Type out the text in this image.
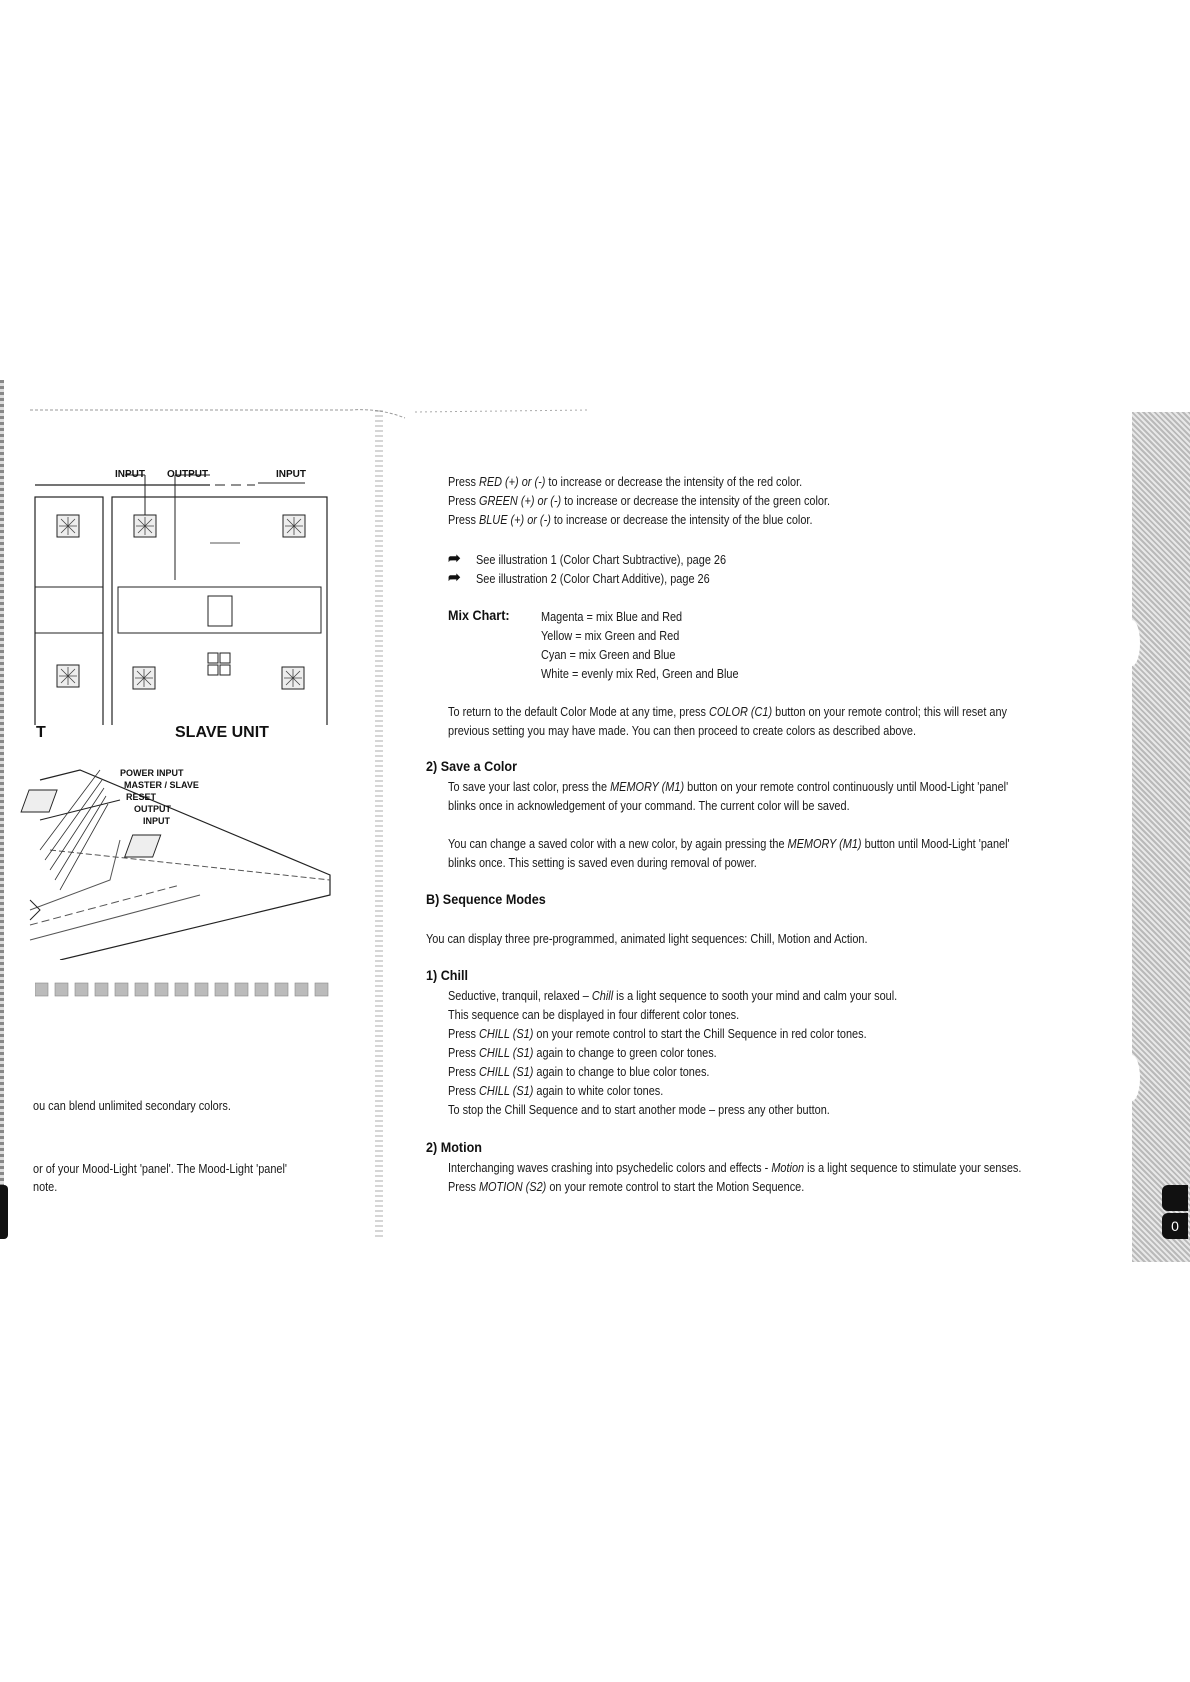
0
INPUT OUTPUT	INPUT
T	SLAVE UNIT
POWER INPUT
MASTER / SLAVE
RESET
OUTPUT
INPUT
ou can blend unlimited secondary colors.
or of your Mood-Light 'panel'. The Mood-Light 'panel'
note.
Press RED (+) or (-) to increase or decrease the intensity of the red color.
Press GREEN (+) or (-) to increase or decrease the intensity of the green color.
Press BLUE (+) or (-) to increase or decrease the intensity of the blue color.
➦ See illustration 1 (Color Chart Subtractive), page 26
➦ See illustration 2 (Color Chart Additive), page 26
Mix Chart: Magenta = mix Blue and Red
Yellow = mix Green and Red
Cyan = mix Green and Blue
White = evenly mix Red, Green and Blue
To return to the default Color Mode at any time, press COLOR (C1) button on your remote control; this will reset any
previous setting you may have made. You can then proceed to create colors as described above.
2) Save a Color
To save your last color, press the MEMORY (M1) button on your remote control continuously until Mood-Light 'panel'
blinks once in acknowledgement of your command. The current color will be saved.
You can change a saved color with a new color, by again pressing the MEMORY (M1) button until Mood-Light 'panel'
blinks once. This setting is saved even during removal of power.
B) Sequence Modes
You can display three pre-programmed, animated light sequences: Chill, Motion and Action.
1) Chill
Seductive, tranquil, relaxed – Chill is a light sequence to sooth your mind and calm your soul.
This sequence can be displayed in four different color tones.
Press CHILL (S1) on your remote control to start the Chill Sequence in red color tones.
Press CHILL (S1) again to change to green color tones.
Press CHILL (S1) again to change to blue color tones.
Press CHILL (S1) again to white color tones.
To stop the Chill Sequence and to start another mode – press any other button.
2) Motion
Interchanging waves crashing into psychedelic colors and effects - Motion is a light sequence to stimulate your senses.
Press MOTION (S2) on your remote control to start the Motion Sequence.
